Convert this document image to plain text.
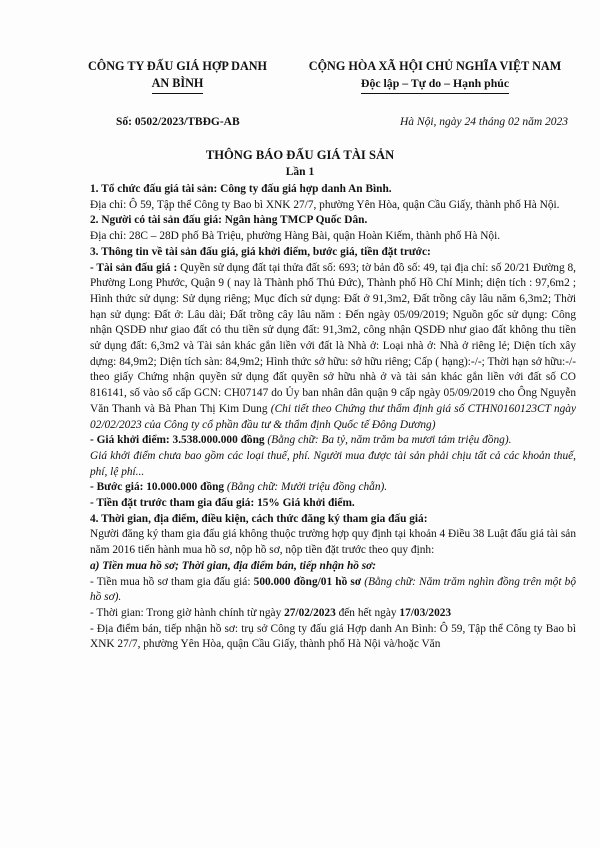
CÔNG TY ĐẤU GIÁ HỢP DANH
AN BÌNH
CỘNG HÒA XÃ HỘI CHỦ NGHĨA VIỆT NAM
Độc lập – Tự do – Hạnh phúc
Số: 0502/2023/TBĐG-AB	Hà Nội, ngày 24 tháng 02 năm 2023
THÔNG BÁO ĐẤU GIÁ TÀI SẢN
Lần 1

1. Tổ chức đấu giá tài sản: Công ty đấu giá hợp danh An Bình.

Địa chỉ: Ô 59, Tập thể Công ty Bao bì XNK 27/7, phường Yên Hòa, quận Cầu Giấy, thành phố Hà Nội.

2. Người có tài sản đấu giá: Ngân hàng TMCP Quốc Dân.

Địa chỉ: 28C – 28D phố Bà Triệu, phường Hàng Bài, quận Hoàn Kiếm, thành phố Hà Nội.

3. Thông tin về tài sản đấu giá, giá khởi điểm, bước giá, tiền đặt trước:

- Tài sản đấu giá : Quyền sử dụng đất tại thửa đất số: 693; tờ bản đồ số: 49, tại địa chỉ: số 20/21 Đường 8, Phường Long Phước, Quận 9 ( nay là Thành phố Thủ Đức), Thành phố Hồ Chí Minh; diện tích : 97,6m2 ; Hình thức sử dụng: Sử dụng riêng; Mục đích sử dụng: Đất ở 91,3m2, Đất trồng cây lâu năm 6,3m2; Thời hạn sử dụng: Đất ở: Lâu dài; Đất trồng cây lâu năm : Đến ngày 05/09/2019; Nguồn gốc sử dụng: Công nhận QSDĐ như giao đất có thu tiền sử dụng đất: 91,3m2, công nhận QSDĐ như giao đất không thu tiền sử dụng đất: 6,3m2 và Tài sản khác gắn liền với đất là Nhà ở: Loại nhà ở: Nhà ở riêng lẻ; Diện tích xây dựng: 84,9m2; Diện tích sàn: 84,9m2; Hình thức sở hữu: sở hữu riêng; Cấp ( hạng):-/-; Thời hạn sở hữu:-/- theo giấy Chứng nhận quyền sử dụng đất quyền sở hữu nhà ở và tài sản khác gắn liền với đất số CO 816141, số vào sổ cấp GCN: CH07147 do Ủy ban nhân dân quận 9 cấp ngày 05/09/2019 cho Ông Nguyễn Văn Thanh và Bà Phan Thị Kim Dung (Chi tiết theo Chứng thư thẩm định giá số CTHN0160123CT ngày 02/02/2023 của Công ty cổ phần đầu tư & thẩm định Quốc tế Đông Dương)

- Giá khởi điểm: 3.538.000.000 đồng (Bằng chữ: Ba tỷ, năm trăm ba mươi tám triệu đồng).

Giá khởi điểm chưa bao gồm các loại thuế, phí. Người mua được tài sản phải chịu tất cả các khoản thuế, phí, lệ phí...

- Bước giá: 10.000.000 đồng (Bằng chữ: Mười triệu đồng chẵn).

- Tiền đặt trước tham gia đấu giá: 15% Giá khởi điểm.

4. Thời gian, địa điểm, điều kiện, cách thức đăng ký tham gia đấu giá:

Người đăng ký tham gia đấu giá không thuộc trường hợp quy định tại khoản 4 Điều 38 Luật đấu giá tài sản năm 2016 tiến hành mua hồ sơ, nộp hồ sơ, nộp tiền đặt trước theo quy định:

a) Tiền mua hồ sơ; Thời gian, địa điểm bán, tiếp nhận hồ sơ:

- Tiền mua hồ sơ tham gia đấu giá: 500.000 đồng/01 hồ sơ (Bằng chữ: Năm trăm nghìn đồng trên một bộ hồ sơ).

- Thời gian: Trong giờ hành chính từ ngày 27/02/2023 đến hết ngày 17/03/2023

- Địa điểm bán, tiếp nhận hồ sơ: trụ sở Công ty đấu giá Hợp danh An Bình: Ô 59, Tập thể Công ty Bao bì XNK 27/7, phường Yên Hòa, quận Cầu Giấy, thành phố Hà Nội và/hoặc Văn
